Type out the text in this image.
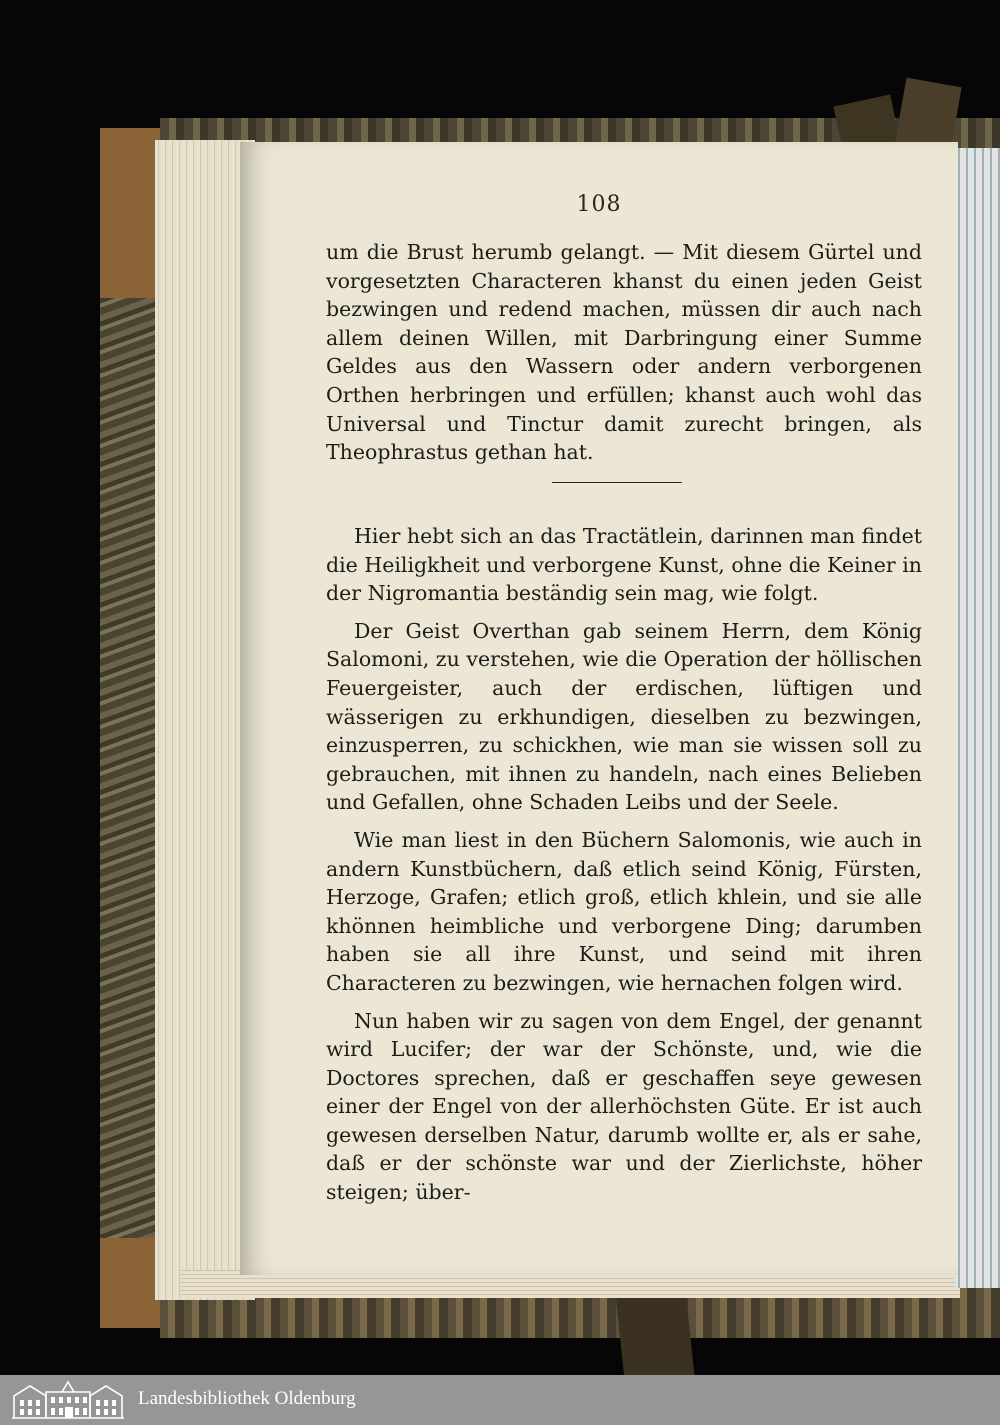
108

um die Brust herumb gelangt. — Mit diesem Gürtel und vorgesetzten Characteren khanst du einen jeden Geist bezwingen und redend machen, müssen dir auch nach allem deinen Willen, mit Darbringung einer Summe Geldes aus den Wassern oder andern verborgenen Orthen herbringen und erfüllen; khanst auch wohl das Universal und Tinctur damit zurecht bringen, als Theophrastus gethan hat.

Hier hebt sich an das Tractätlein, darinnen man findet die Heiligkheit und verborgene Kunst, ohne die Keiner in der Nigromantia beständig sein mag, wie folgt.

Der Geist Overthan gab seinem Herrn, dem König Salomoni, zu verstehen, wie die Operation der höllischen Feuergeister, auch der erdischen, lüftigen und wässerigen zu erkhundigen, dieselben zu bezwingen, einzusperren, zu schickhen, wie man sie wissen soll zu gebrauchen, mit ihnen zu handeln, nach eines Belieben und Gefallen, ohne Schaden Leibs und der Seele.

Wie man liest in den Büchern Salomonis, wie auch in andern Kunstbüchern, daß etlich seind König, Fürsten, Herzoge, Grafen; etlich groß, etlich khlein, und sie alle khönnen heimbliche und verborgene Ding; darumben haben sie all ihre Kunst, und seind mit ihren Characteren zu bezwingen, wie hernachen folgen wird.

Nun haben wir zu sagen von dem Engel, der genannt wird Lucifer; der war der Schönste, und, wie die Doctores sprechen, daß er geschaffen seye gewesen einer der Engel von der allerhöchsten Güte. Er ist auch gewesen derselben Natur, darumb wollte er, als er sahe, daß er der schönste war und der Zierlichste, höher steigen; über-

Landesbibliothek Oldenburg
